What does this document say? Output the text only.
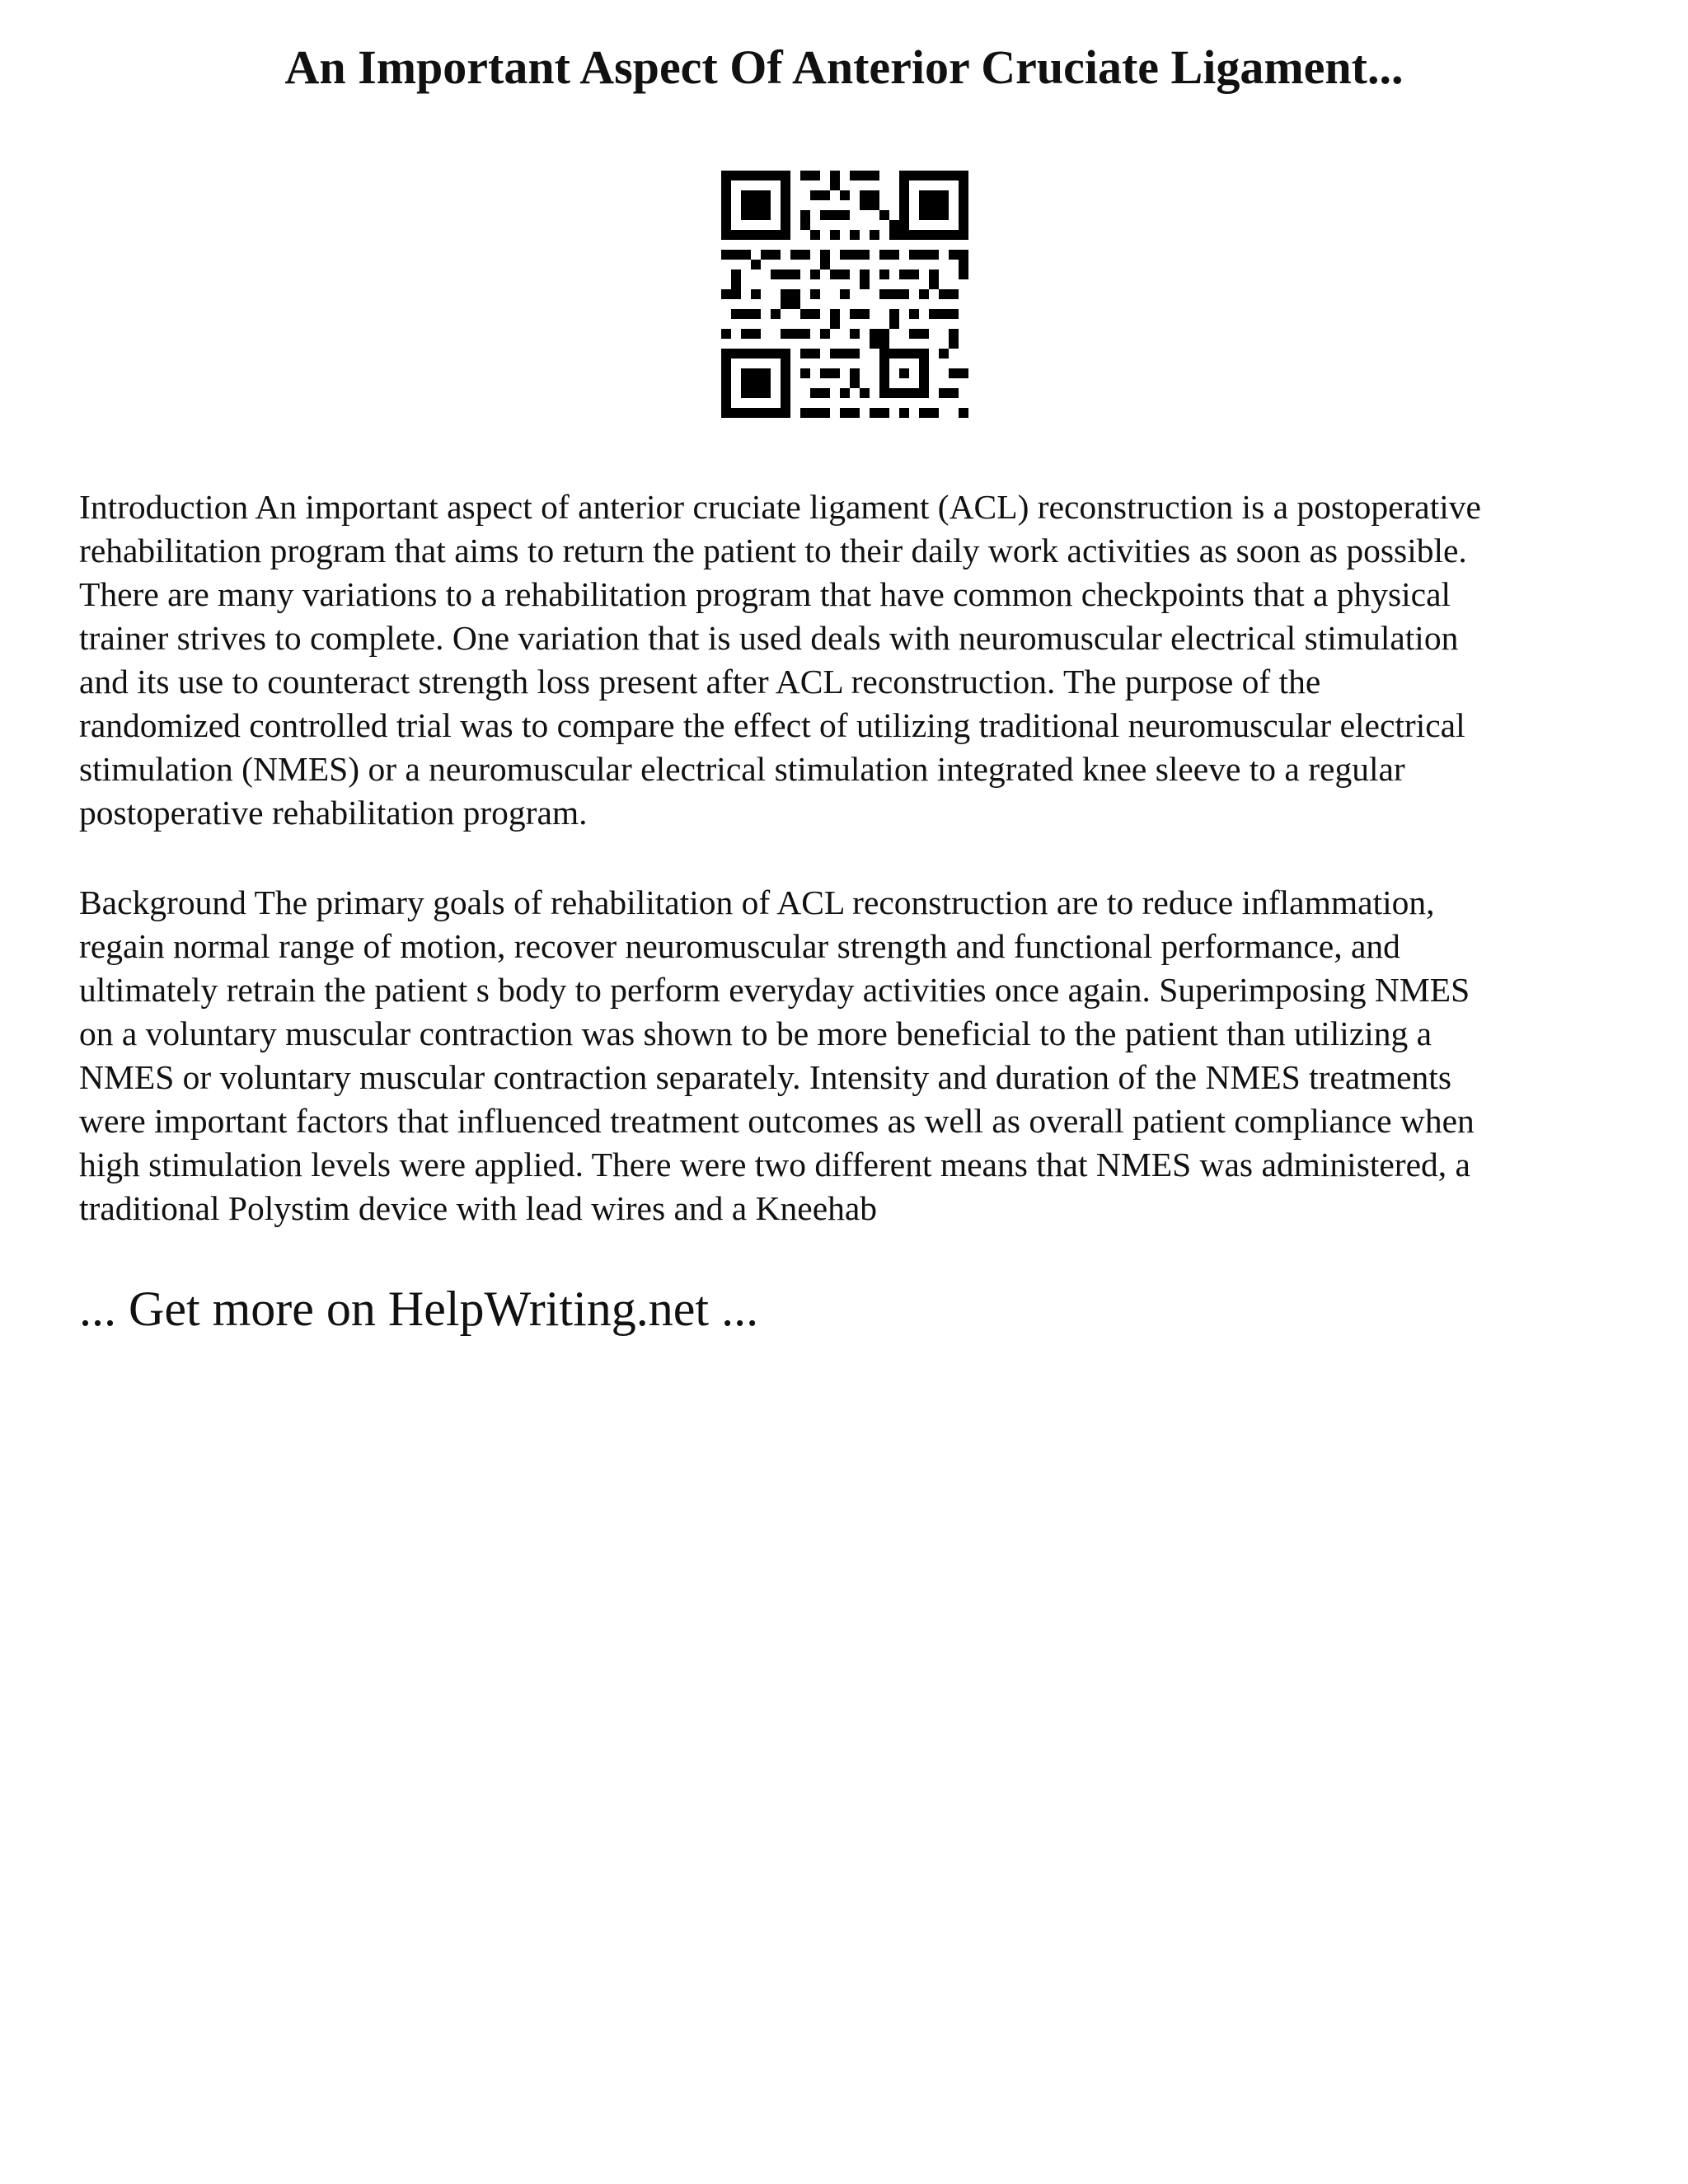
An Important Aspect Of Anterior Cruciate Ligament...
Introduction An important aspect of anterior cruciate ligament (ACL) reconstruction is a postoperative
rehabilitation program that aims to return the patient to their daily work activities as soon as possible.
There are many variations to a rehabilitation program that have common checkpoints that a physical
trainer strives to complete. One variation that is used deals with neuromuscular electrical stimulation
and its use to counteract strength loss present after ACL reconstruction. The purpose of the
randomized controlled trial was to compare the effect of utilizing traditional neuromuscular electrical
stimulation (NMES) or a neuromuscular electrical stimulation integrated knee sleeve to a regular
postoperative rehabilitation program.
Background The primary goals of rehabilitation of ACL reconstruction are to reduce inflammation,
regain normal range of motion, recover neuromuscular strength and functional performance, and
ultimately retrain the patient s body to perform everyday activities once again. Superimposing NMES
on a voluntary muscular contraction was shown to be more beneficial to the patient than utilizing a
NMES or voluntary muscular contraction separately. Intensity and duration of the NMES treatments
were important factors that influenced treatment outcomes as well as overall patient compliance when
high stimulation levels were applied. There were two different means that NMES was administered, a
traditional Polystim device with lead wires and a Kneehab

... Get more on HelpWriting.net ...
